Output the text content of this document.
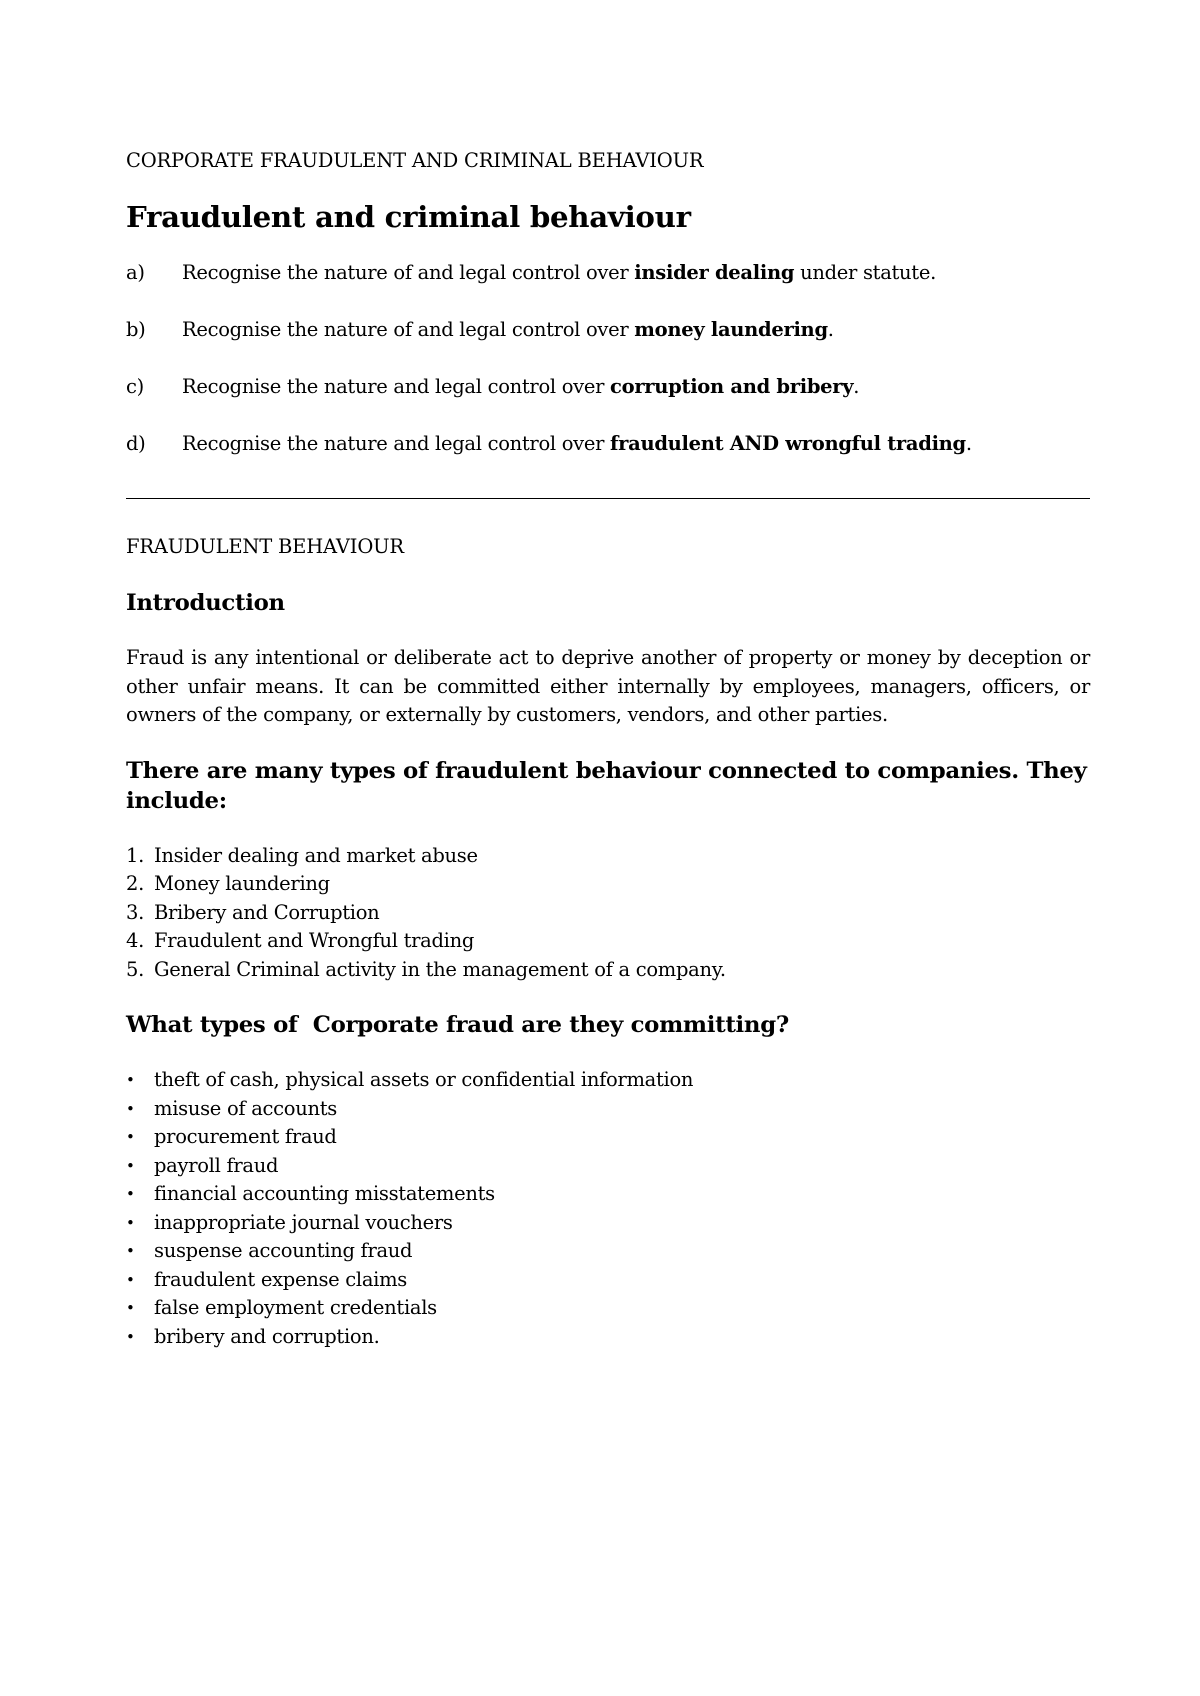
CORPORATE FRAUDULENT AND CRIMINAL BEHAVIOUR
Fraudulent and criminal behaviour
a)	Recognise the nature of and legal control over insider dealing under statute.
b)	Recognise the nature of and legal control over money laundering.
c)	Recognise the nature and legal control over corruption and bribery.
d)	Recognise the nature and legal control over fraudulent AND wrongful trading.
FRAUDULENT BEHAVIOUR
Introduction

Fraud is any intentional or deliberate act to deprive another of property or money by deception or other unfair means. It can be committed either internally by employees, managers, officers, or owners of the company, or externally by customers, vendors, and other parties.

There are many types of fraudulent behaviour connected to companies. They include:
1. Insider dealing and market abuse
2. Money laundering
3. Bribery and Corruption
4. Fraudulent and Wrongful trading
5. General Criminal activity in the management of a company.
What types of  Corporate fraud are they committing?
• theft of cash, physical assets or confidential information
• misuse of accounts
• procurement fraud
• payroll fraud
• financial accounting misstatements
• inappropriate journal vouchers
• suspense accounting fraud
• fraudulent expense claims
• false employment credentials
• bribery and corruption.
